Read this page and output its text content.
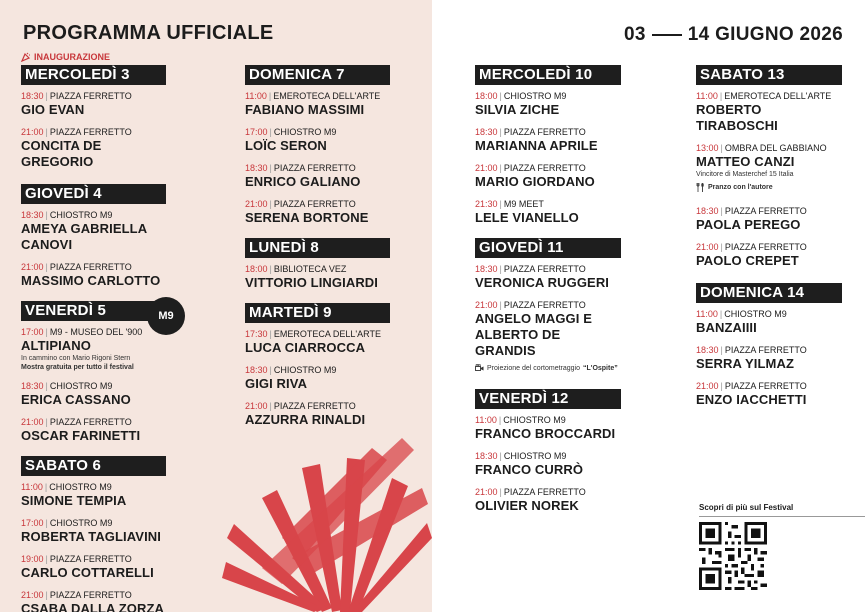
PROGRAMMA UFFICIALE	03 14 GIUGNO 2026
INAUGURAZIONE
MERCOLEDÌ 3
18:30 | PIAZZA FERRETTO
GIO EVAN
21:00 | PIAZZA FERRETTO
CONCITA DE GREGORIO
GIOVEDÌ 4
18:30 | CHIOSTRO M9
AMEYA GABRIELLA CANOVI
21:00 | PIAZZA FERRETTO
MASSIMO CARLOTTO
VENERDÌ 5
17:00 | M9 - MUSEO DEL '900
ALTIPIANO
In cammino con Mario Rigoni Stern
Mostra gratuita per tutto il festival
18:30 | CHIOSTRO M9
ERICA CASSANO
21:00 | PIAZZA FERRETTO
OSCAR FARINETTI
SABATO 6
11:00 | CHIOSTRO M9
SIMONE TEMPIA
17:00 | CHIOSTRO M9
ROBERTA TAGLIAVINI
19:00 | PIAZZA FERRETTO
CARLO COTTARELLI
21:00 | PIAZZA FERRETTO
CSABA DALLA ZORZA
M9
DOMENICA 7
11:00 | EMEROTECA DELL'ARTE
FABIANO MASSIMI
17:00 | CHIOSTRO M9
LOÏC SERON
18:30 | PIAZZA FERRETTO
ENRICO GALIANO
21:00 | PIAZZA FERRETTO
SERENA BORTONE
LUNEDÌ 8
18:00 | BIBLIOTECA VEZ
VITTORIO LINGIARDI
MARTEDÌ 9
17:30 | EMEROTECA DELL'ARTE
LUCA CIARROCCA
18:30 | CHIOSTRO M9
GIGI RIVA
21:00 | PIAZZA FERRETTO
AZZURRA RINALDI
MERCOLEDÌ 10
18:00 | CHIOSTRO M9
SILVIA ZICHE
18:30 | PIAZZA FERRETTO
MARIANNA APRILE
21:00 | PIAZZA FERRETTO
MARIO GIORDANO
21:30 | M9 MEET
LELE VIANELLO
GIOVEDÌ 11
18:30 | PIAZZA FERRETTO
VERONICA RUGGERI
21:00 | PIAZZA FERRETTO
ANGELO MAGGI E ALBERTO DE GRANDIS
Proiezione del cortometraggio “L'Ospite”
VENERDÌ 12
11:00 | CHIOSTRO M9
FRANCO BROCCARDI
18:30 | CHIOSTRO M9
FRANCO CURRÒ
21:00 | PIAZZA FERRETTO
OLIVIER NOREK
SABATO 13
11:00 | EMEROTECA DELL'ARTE
ROBERTO TIRABOSCHI
13:00 | OMBRA DEL GABBIANO
MATTEO CANZI
Vincitore di Masterchef 15 Italia
Pranzo con l'autore
18:30 | PIAZZA FERRETTO
PAOLA PEREGO
21:00 | PIAZZA FERRETTO
PAOLO CREPET
DOMENICA 14
11:00 | CHIOSTRO M9
BANZAIIII
18:30 | PIAZZA FERRETTO
SERRA YILMAZ
21:00 | PIAZZA FERRETTO
ENZO IACCHETTI
Scopri di più sul Festival
